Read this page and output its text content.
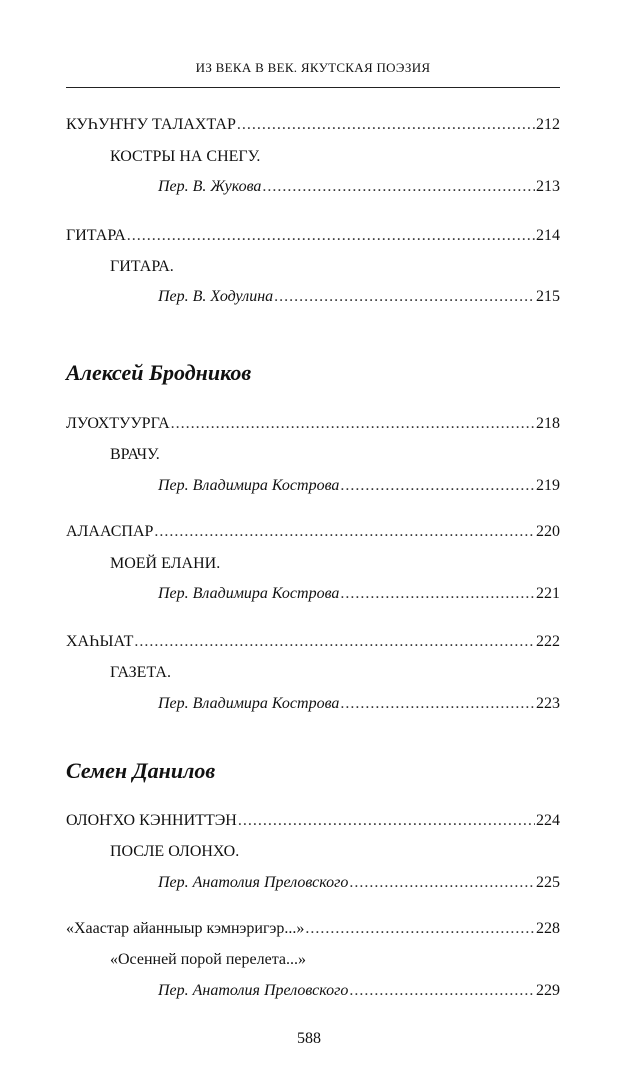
ИЗ ВЕКА В ВЕК. ЯКУТСКАЯ ПОЭЗИЯ
КУҺУҤҤУ ТАЛАХТАР .....	212
КОСТРЫ НА СНЕГУ.
Пер. В. Жукова .....	213
ГИТАРА .....	214
ГИТАРА.
Пер. В. Ходулина .....	215
Алексей Бродников
ЛУОХТУУРГА .....	218
ВРАЧУ.
Пер. Владимира Кострова .....	219
АЛААСПАР .....	220
МОЕЙ ЕЛАНИ.
Пер. Владимира Кострова .....	221
ХАҺЫАТ .....	222
ГАЗЕТА.
Пер. Владимира Кострова .....	223
Семен Данилов
ОЛОҤХО КЭННИТТЭН .....	224
ПОСЛЕ ОЛОНХО.
Пер. Анатолия Преловского .....	225
«Хаастар айанныыр кэмнэригэр...» .....	228
«Осенней порой перелета...»
Пер. Анатолия Преловского .....	229
588
